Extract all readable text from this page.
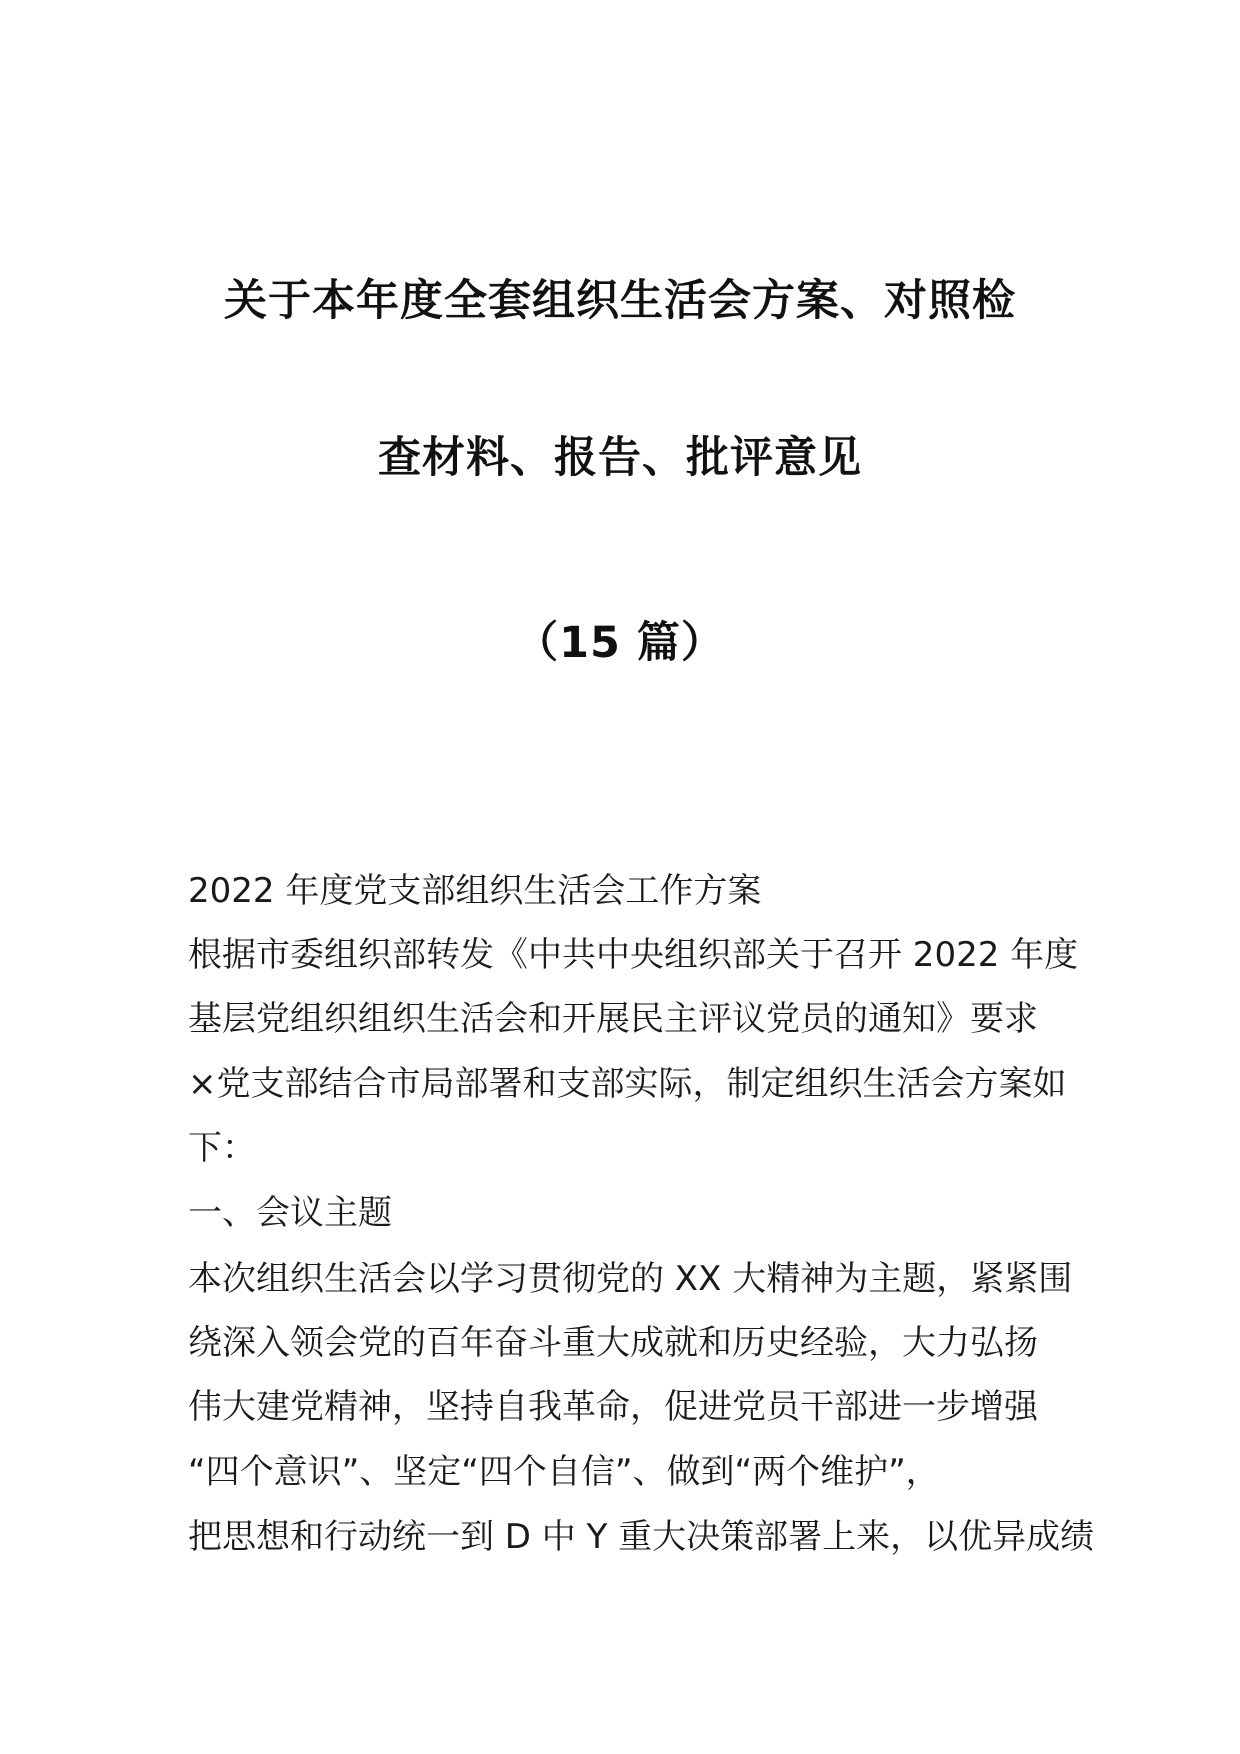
关于本年度全套组织生活会方案、对照检
查材料、报告、批评意见
（15 篇）
2022 年度党支部组织生活会工作方案
根据市委组织部转发《中共中央组织部关于召开 2022 年度
基层党组织组织生活会和开展民主评议党员的通知》要求
×党支部结合市局部署和支部实际，制定组织生活会方案如
下：
一、会议主题
本次组织生活会以学习贯彻党的 XX 大精神为主题，紧紧围
绕深入领会党的百年奋斗重大成就和历史经验，大力弘扬
伟大建党精神，坚持自我革命，促进党员干部进一步增强
“四个意识”、坚定“四个自信”、做到“两个维护”，
把思想和行动统一到 D 中 Y 重大决策部署上来，以优异成绩
